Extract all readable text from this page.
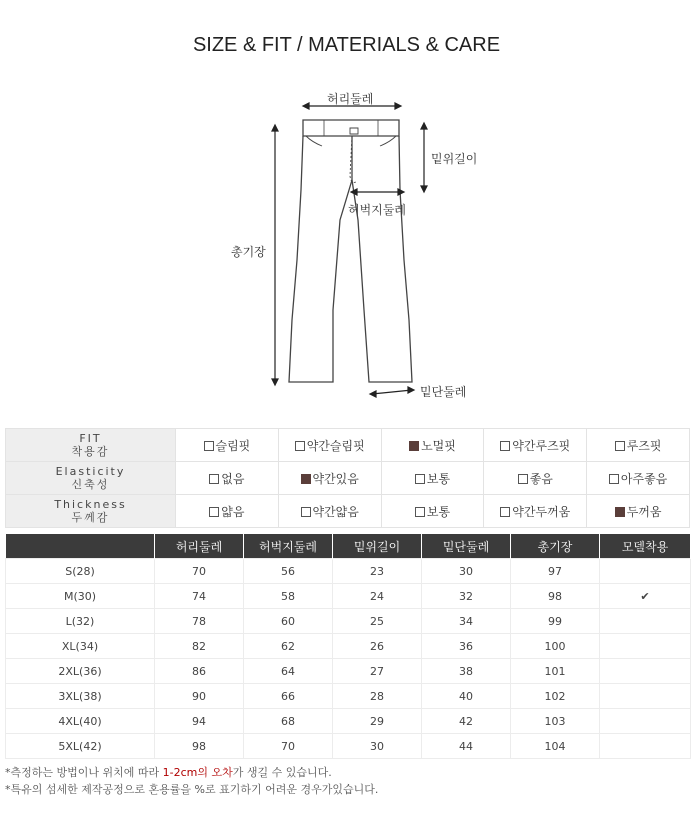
SIZE & FIT / MATERIALS & CARE
허리둘레
밑위길이
허벅지둘레
총기장
밑단둘레
FIT
착용감	슬림핏	약간슬림핏	노멀핏	약간루즈핏	루즈핏

Elasticity
신축성	없음	약간있음	보통	좋음	아주좋음

Thickness
두께감	얇음	약간얇음	보통	약간두꺼움	두꺼움
	허리둘레	허벅지둘레	밑위길이	밑단둘레	총기장	모델착용
S(28)	70	56	23	30	97	
M(30)	74	58	24	32	98	✔
L(32)	78	60	25	34	99	
XL(34)	82	62	26	36	100	
2XL(36)	86	64	27	38	101	
3XL(38)	90	66	28	40	102	
4XL(40)	94	68	29	42	103	
5XL(42)	98	70	30	44	104	
*측정하는 방법이나 위치에 따라 1-2cm의 오차가 생길 수 있습니다.
*특유의 섬세한 제작공정으로 혼용률을 %로 표기하기 어려운 경우가있습니다.
